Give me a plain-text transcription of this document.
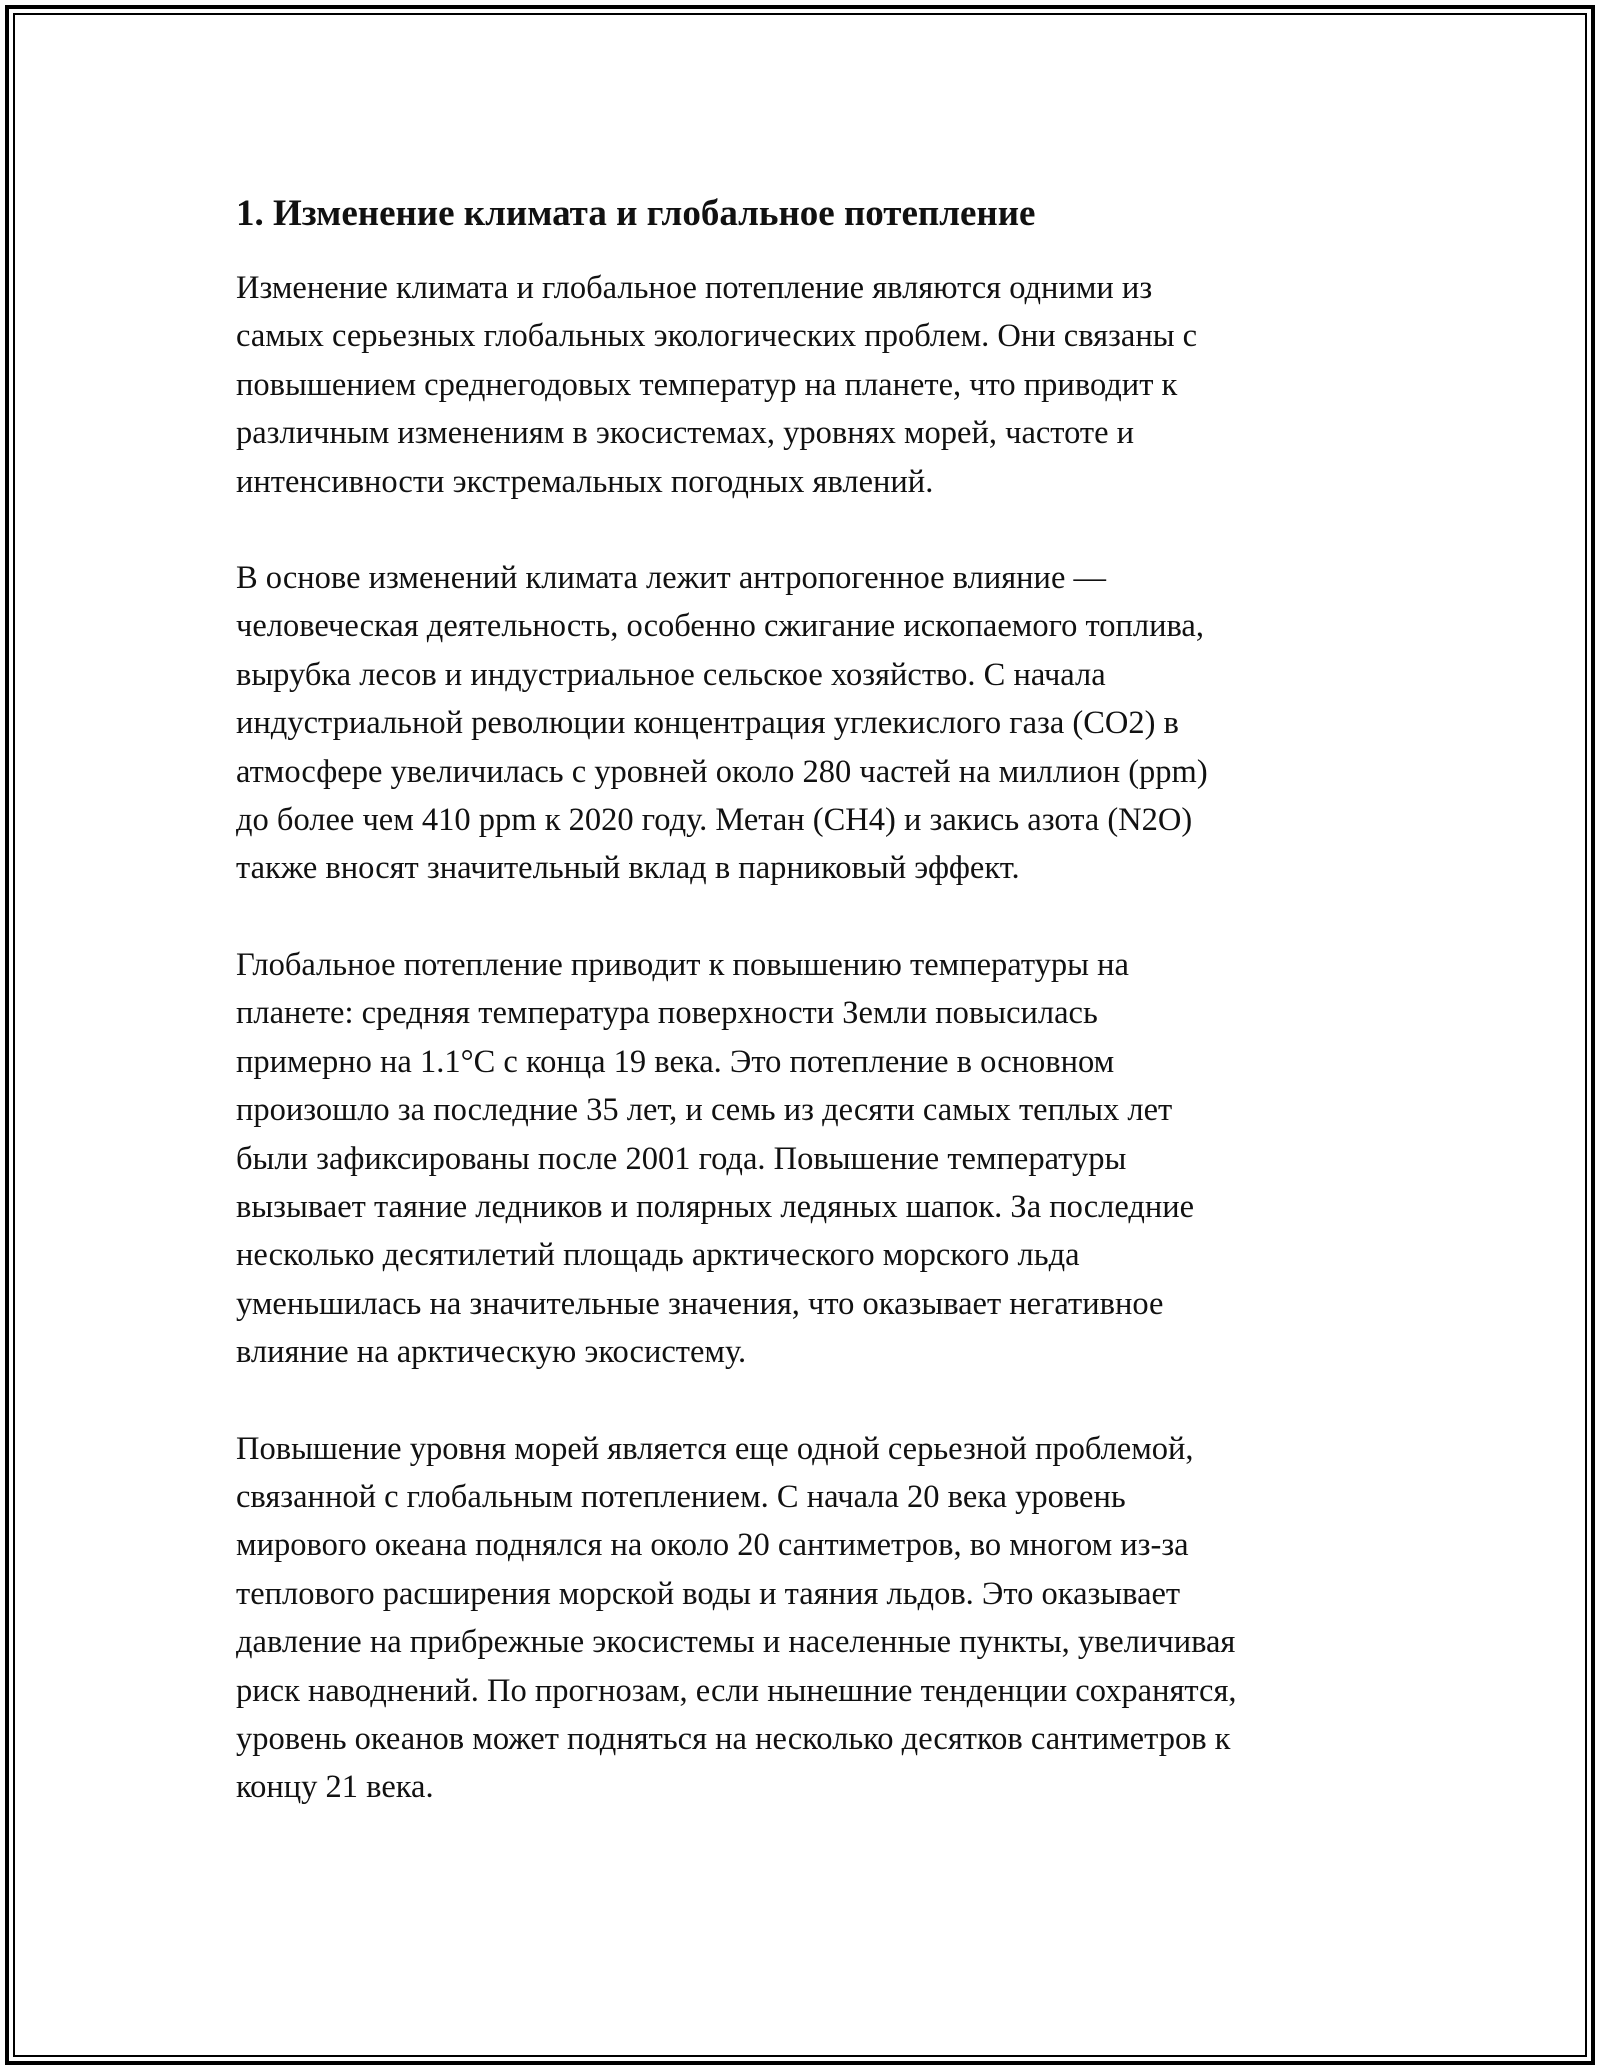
1. Изменение климата и глобальное потепление

Изменение климата и глобальное потепление являются одними из
самых серьезных глобальных экологических проблем. Они связаны с
повышением среднегодовых температур на планете, что приводит к
различным изменениям в экосистемах, уровнях морей, частоте и
интенсивности экстремальных погодных явлений.

В основе изменений климата лежит антропогенное влияние —
человеческая деятельность, особенно сжигание ископаемого топлива,
вырубка лесов и индустриальное сельское хозяйство. С начала
индустриальной революции концентрация углекислого газа (CO2) в
атмосфере увеличилась с уровней около 280 частей на миллион (ppm)
до более чем 410 ppm к 2020 году. Метан (CH4) и закись азота (N2O)
также вносят значительный вклад в парниковый эффект.

Глобальное потепление приводит к повышению температуры на
планете: средняя температура поверхности Земли повысилась
примерно на 1.1°C с конца 19 века. Это потепление в основном
произошло за последние 35 лет, и семь из десяти самых теплых лет
были зафиксированы после 2001 года. Повышение температуры
вызывает таяние ледников и полярных ледяных шапок. За последние
несколько десятилетий площадь арктического морского льда
уменьшилась на значительные значения, что оказывает негативное
влияние на арктическую экосистему.

Повышение уровня морей является еще одной серьезной проблемой,
связанной с глобальным потеплением. С начала 20 века уровень
мирового океана поднялся на около 20 сантиметров, во многом из-за
теплового расширения морской воды и таяния льдов. Это оказывает
давление на прибрежные экосистемы и населенные пункты, увеличивая
риск наводнений. По прогнозам, если нынешние тенденции сохранятся,
уровень океанов может подняться на несколько десятков сантиметров к
концу 21 века.
